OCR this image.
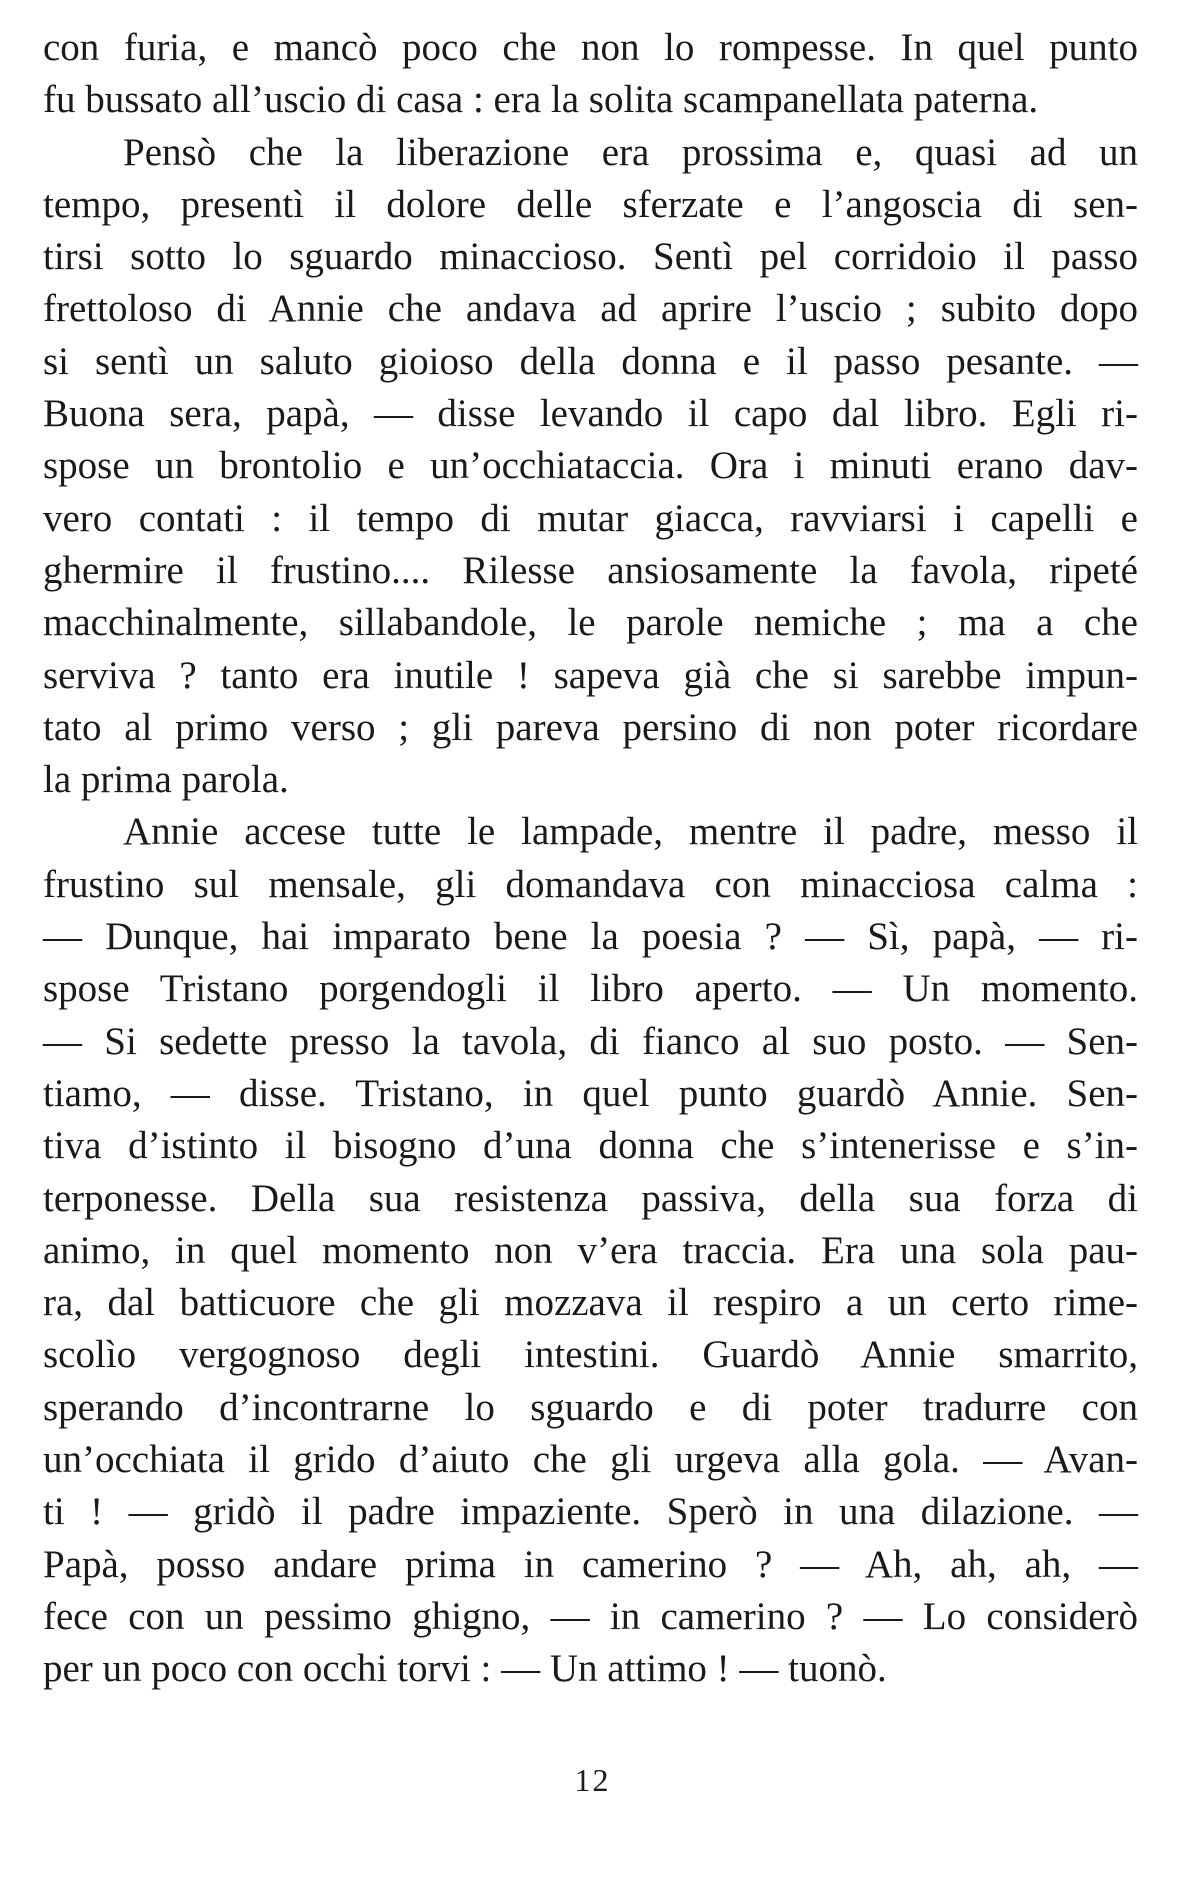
con furia, e mancò poco che non lo rompesse. In quel punto
fu bussato all’uscio di casa : era la solita scampanellata paterna.
Pensò che la liberazione era prossima e, quasi ad un
tempo, presentì il dolore delle sferzate e l’angoscia di sen-
tirsi sotto lo sguardo minaccioso. Sentì pel corridoio il passo
frettoloso di Annie che andava ad aprire l’uscio ; subito dopo
si sentì un saluto gioioso della donna e il passo pesante. —
Buona sera, papà, — disse levando il capo dal libro. Egli ri-
spose un brontolio e un’occhiataccia. Ora i minuti erano dav-
vero contati : il tempo di mutar giacca, ravviarsi i capelli e
ghermire il frustino.... Rilesse ansiosamente la favola, ripeté
macchinalmente, sillabandole, le parole nemiche ; ma a che
serviva ? tanto era inutile ! sapeva già che si sarebbe impun-
tato al primo verso ; gli pareva persino di non poter ricordare
la prima parola.
Annie accese tutte le lampade, mentre il padre, messo il
frustino sul mensale, gli domandava con minacciosa calma :
— Dunque, hai imparato bene la poesia ? — Sì, papà, — ri-
spose Tristano porgendogli il libro aperto. — Un momento.
— Si sedette presso la tavola, di fianco al suo posto. — Sen-
tiamo, — disse. Tristano, in quel punto guardò Annie. Sen-
tiva d’istinto il bisogno d’una donna che s’intenerisse e s’in-
terponesse. Della sua resistenza passiva, della sua forza di
animo, in quel momento non v’era traccia. Era una sola pau-
ra, dal batticuore che gli mozzava il respiro a un certo rime-
scolìo vergognoso degli intestini. Guardò Annie smarrito,
sperando d’incontrarne lo sguardo e di poter tradurre con
un’occhiata il grido d’aiuto che gli urgeva alla gola. — Avan-
ti ! — gridò il padre impaziente. Sperò in una dilazione. —
Papà, posso andare prima in camerino ? — Ah, ah, ah, —
fece con un pessimo ghigno, — in camerino ? — Lo considerò
per un poco con occhi torvi : — Un attimo ! — tuonò.
12
